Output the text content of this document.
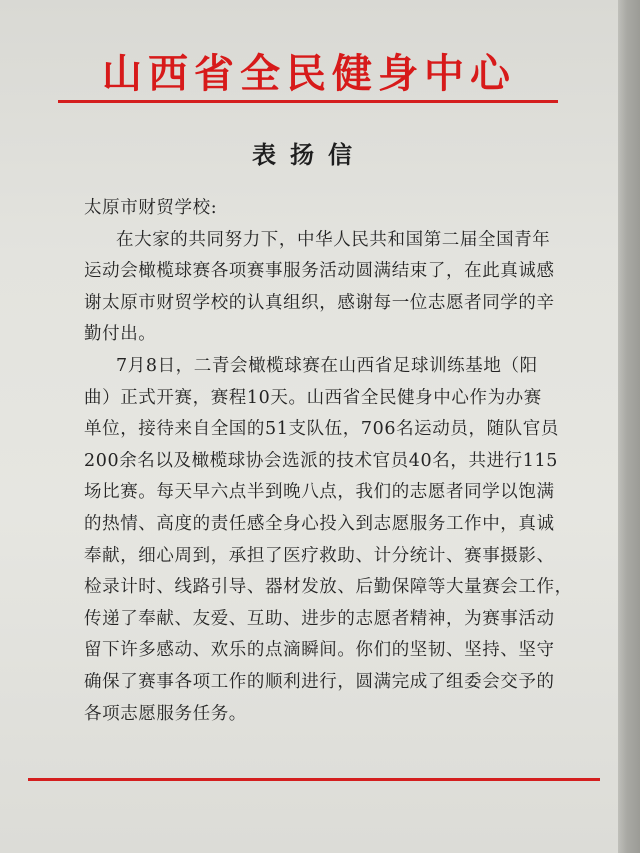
山西省全民健身中心
表扬信
太原市财贸学校:
在大家的共同努力下，中华人民共和国第二届全国青年
运动会橄榄球赛各项赛事服务活动圆满结束了，在此真诚感
谢太原市财贸学校的认真组织，感谢每一位志愿者同学的辛
勤付出。
7月8日，二青会橄榄球赛在山西省足球训练基地（阳
曲）正式开赛，赛程10天。山西省全民健身中心作为办赛
单位，接待来自全国的51支队伍，706名运动员，随队官员
200余名以及橄榄球协会选派的技术官员40名，共进行115
场比赛。每天早六点半到晚八点，我们的志愿者同学以饱满
的热情、高度的责任感全身心投入到志愿服务工作中，真诚
奉献，细心周到，承担了医疗救助、计分统计、赛事摄影、
检录计时、线路引导、器材发放、后勤保障等大量赛会工作，
传递了奉献、友爱、互助、进步的志愿者精神，为赛事活动
留下许多感动、欢乐的点滴瞬间。你们的坚韧、坚持、坚守
确保了赛事各项工作的顺利进行，圆满完成了组委会交予的
各项志愿服务任务。
